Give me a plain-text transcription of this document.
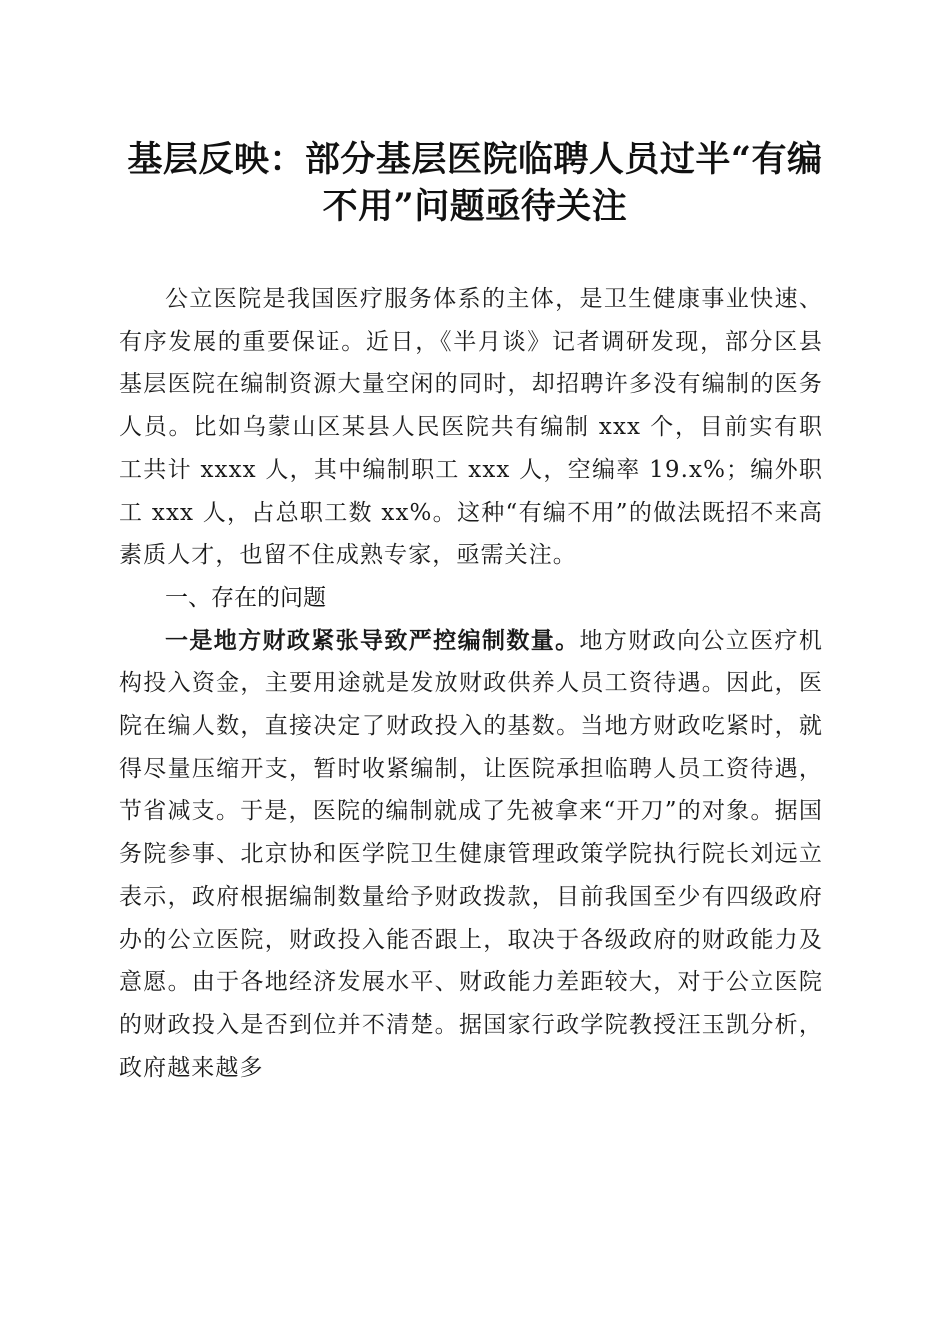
基层反映：部分基层医院临聘人员过半“有编
不用”问题亟待关注

公立医院是我国医疗服务体系的主体，是卫生健康事业快速、有序发展的重要保证。近日，《半月谈》记者调研发现，部分区县基层医院在编制资源大量空闲的同时，却招聘许多没有编制的医务人员。比如乌蒙山区某县人民医院共有编制 xxx 个，目前实有职工共计 xxxx 人，其中编制职工 xxx 人，空编率 19.x%；编外职工 xxx 人，占总职工数 xx%。这种“有编不用”的做法既招不来高素质人才，也留不住成熟专家，亟需关注。

一、存在的问题

一是地方财政紧张导致严控编制数量。地方财政向公立医疗机构投入资金，主要用途就是发放财政供养人员工资待遇。因此，医院在编人数，直接决定了财政投入的基数。当地方财政吃紧时，就得尽量压缩开支，暂时收紧编制，让医院承担临聘人员工资待遇，节省减支。于是，医院的编制就成了先被拿来“开刀”的对象。据国务院参事、北京协和医学院卫生健康管理政策学院执行院长刘远立表示，政府根据编制数量给予财政拨款，目前我国至少有四级政府办的公立医院，财政投入能否跟上，取决于各级政府的财政能力及意愿。由于各地经济发展水平、财政能力差距较大，对于公立医院的财政投入是否到位并不清楚。据国家行政学院教授汪玉凯分析，政府越来越多
